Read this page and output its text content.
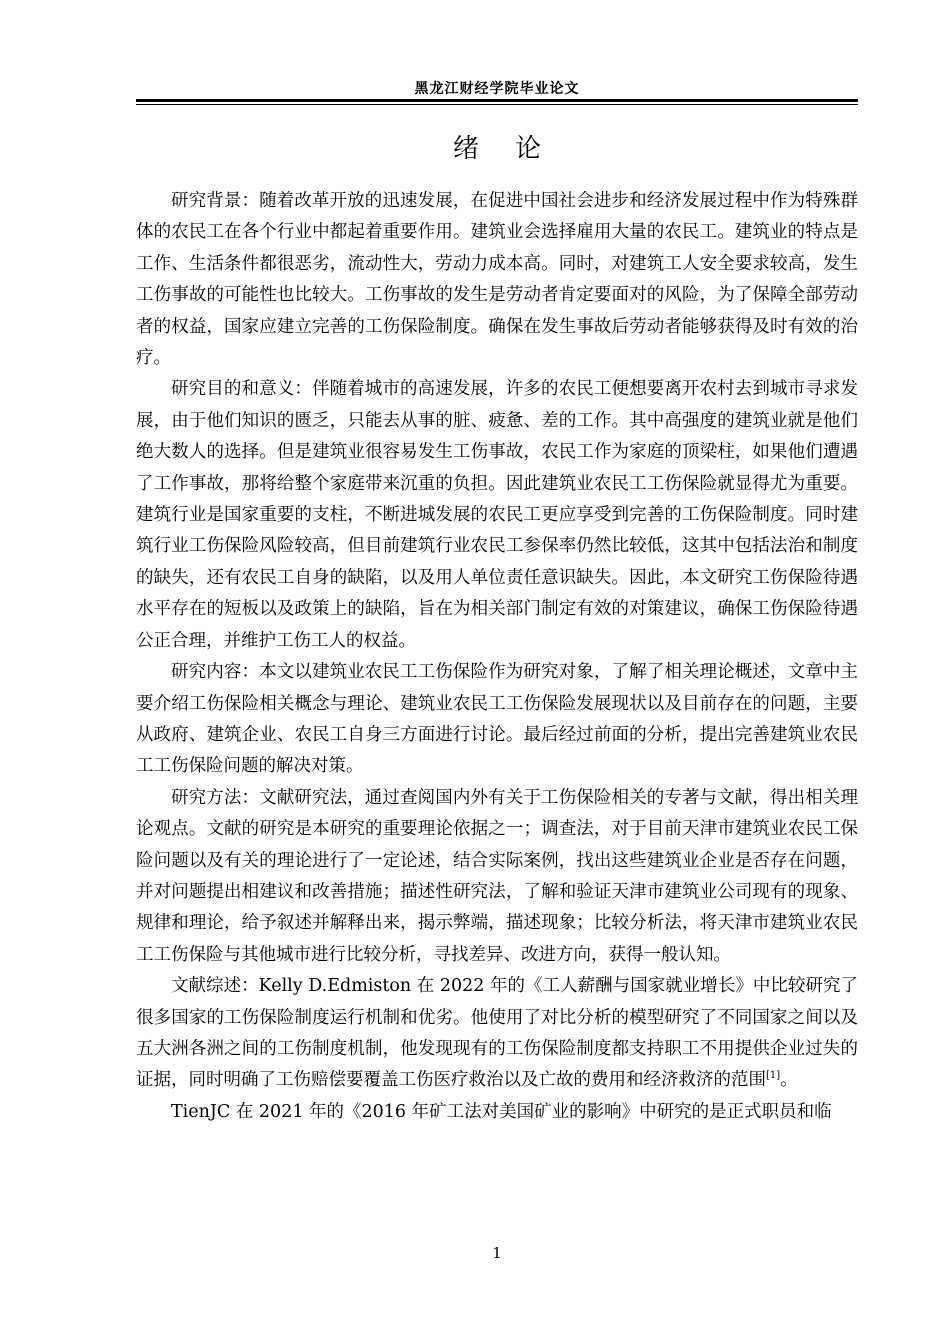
黑龙江财经学院毕业论文
绪 论

研究背景：随着改革开放的迅速发展，在促进中国社会进步和经济发展过程中作为特殊群体的农民工在各个行业中都起着重要作用。建筑业会选择雇用大量的农民工。建筑业的特点是工作、生活条件都很恶劣，流动性大，劳动力成本高。同时，对建筑工人安全要求较高，发生工伤事故的可能性也比较大。工伤事故的发生是劳动者肯定要面对的风险，为了保障全部劳动者的权益，国家应建立完善的工伤保险制度。确保在发生事故后劳动者能够获得及时有效的治疗。

研究目的和意义：伴随着城市的高速发展，许多的农民工便想要离开农村去到城市寻求发展，由于他们知识的匮乏，只能去从事的脏、疲惫、差的工作。其中高强度的建筑业就是他们绝大数人的选择。但是建筑业很容易发生工伤事故，农民工作为家庭的顶梁柱，如果他们遭遇了工作事故，那将给整个家庭带来沉重的负担。因此建筑业农民工工伤保险就显得尤为重要。建筑行业是国家重要的支柱，不断进城发展的农民工更应享受到完善的工伤保险制度。同时建筑行业工伤保险风险较高，但目前建筑行业农民工参保率仍然比较低，这其中包括法治和制度的缺失，还有农民工自身的缺陷，以及用人单位责任意识缺失。因此，本文研究工伤保险待遇水平存在的短板以及政策上的缺陷，旨在为相关部门制定有效的对策建议，确保工伤保险待遇公正合理，并维护工伤工人的权益。

研究内容：本文以建筑业农民工工伤保险作为研究对象，了解了相关理论概述，文章中主要介绍工伤保险相关概念与理论、建筑业农民工工伤保险发展现状以及目前存在的问题，主要从政府、建筑企业、农民工自身三方面进行讨论。最后经过前面的分析，提出完善建筑业农民工工伤保险问题的解决对策。

研究方法：文献研究法，通过查阅国内外有关于工伤保险相关的专著与文献，得出相关理论观点。文献的研究是本研究的重要理论依据之一；调查法，对于目前天津市建筑业农民工保险问题以及有关的理论进行了一定论述，结合实际案例，找出这些建筑业企业是否存在问题，并对问题提出相建议和改善措施；描述性研究法，了解和验证天津市建筑业公司现有的现象、规律和理论，给予叙述并解释出来，揭示弊端，描述现象；比较分析法，将天津市建筑业农民工工伤保险与其他城市进行比较分析，寻找差异、改进方向，获得一般认知。

文献综述：Kelly D.Edmiston 在 2022 年的《工人薪酬与国家就业增长》中比较研究了很多国家的工伤保险制度运行机制和优劣。他使用了对比分析的模型研究了不同国家之间以及五大洲各洲之间的工伤制度机制，他发现现有的工伤保险制度都支持职工不用提供企业过失的证据，同时明确了工伤赔偿要覆盖工伤医疗救治以及亡故的费用和经济救济的范围[1]。

TienJC 在 2021 年的《2016 年矿工法对美国矿业的影响》中研究的是正式职员和临

1
